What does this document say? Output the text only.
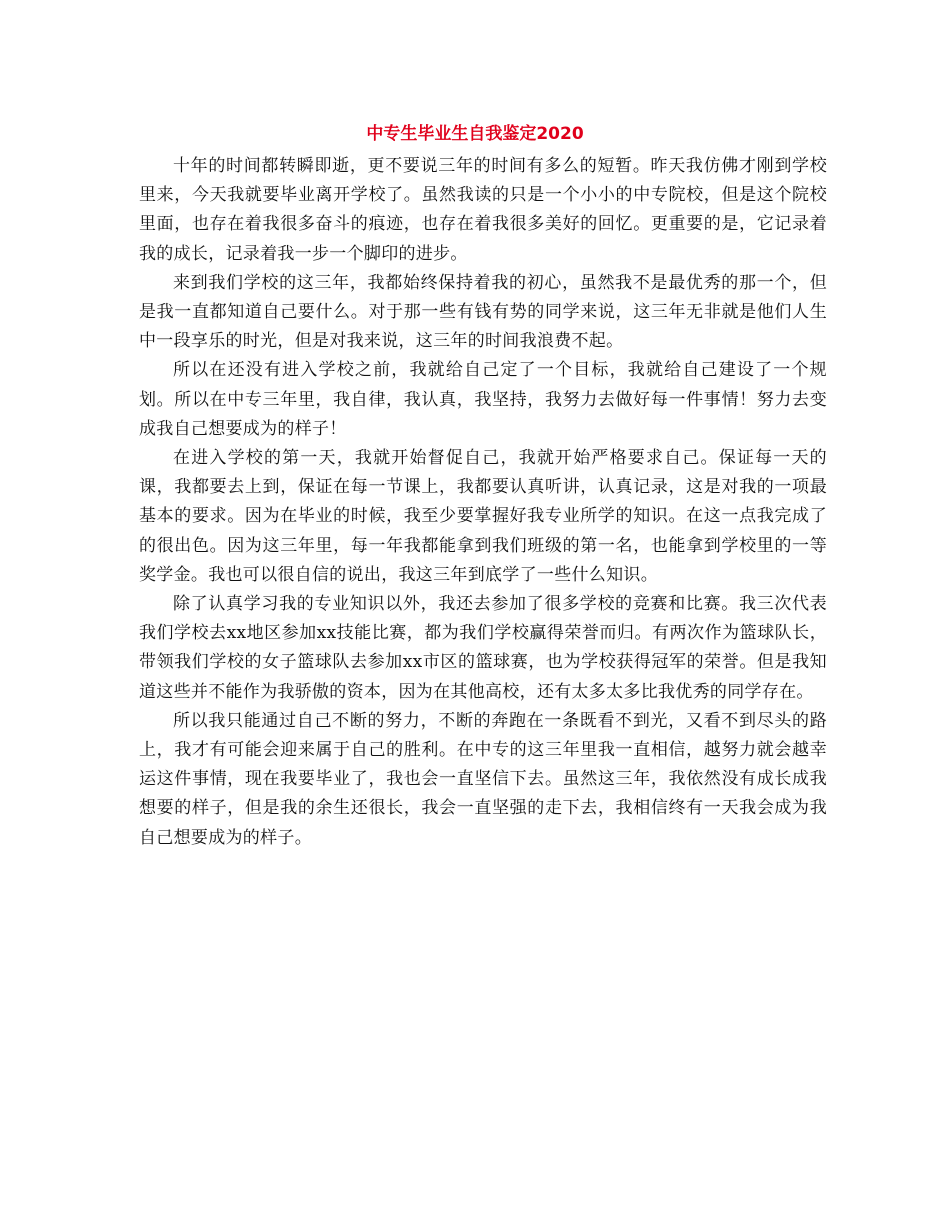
中专生毕业生自我鉴定2020

十年的时间都转瞬即逝，更不要说三年的时间有多么的短暂。昨天我仿佛才刚到学校里来，今天我就要毕业离开学校了。虽然我读的只是一个小小的中专院校，但是这个院校里面，也存在着我很多奋斗的痕迹，也存在着我很多美好的回忆。更重要的是，它记录着我的成长，记录着我一步一个脚印的进步。

来到我们学校的这三年，我都始终保持着我的初心，虽然我不是最优秀的那一个，但是我一直都知道自己要什么。对于那一些有钱有势的同学来说，这三年无非就是他们人生中一段享乐的时光，但是对我来说，这三年的时间我浪费不起。

所以在还没有进入学校之前，我就给自己定了一个目标，我就给自己建设了一个规划。所以在中专三年里，我自律，我认真，我坚持，我努力去做好每一件事情！努力去变成我自己想要成为的样子！

在进入学校的第一天，我就开始督促自己，我就开始严格要求自己。保证每一天的课，我都要去上到，保证在每一节课上，我都要认真听讲，认真记录，这是对我的一项最基本的要求。因为在毕业的时候，我至少要掌握好我专业所学的知识。在这一点我完成了的很出色。因为这三年里，每一年我都能拿到我们班级的第一名，也能拿到学校里的一等奖学金。我也可以很自信的说出，我这三年到底学了一些什么知识。

除了认真学习我的专业知识以外，我还去参加了很多学校的竞赛和比赛。我三次代表我们学校去xx地区参加xx技能比赛，都为我们学校赢得荣誉而归。有两次作为篮球队长，带领我们学校的女子篮球队去参加xx市区的篮球赛，也为学校获得冠军的荣誉。但是我知道这些并不能作为我骄傲的资本，因为在其他高校，还有太多太多比我优秀的同学存在。

所以我只能通过自己不断的努力，不断的奔跑在一条既看不到光，又看不到尽头的路上，我才有可能会迎来属于自己的胜利。在中专的这三年里我一直相信，越努力就会越幸运这件事情，现在我要毕业了，我也会一直坚信下去。虽然这三年，我依然没有成长成我想要的样子，但是我的余生还很长，我会一直坚强的走下去，我相信终有一天我会成为我自己想要成为的样子。
